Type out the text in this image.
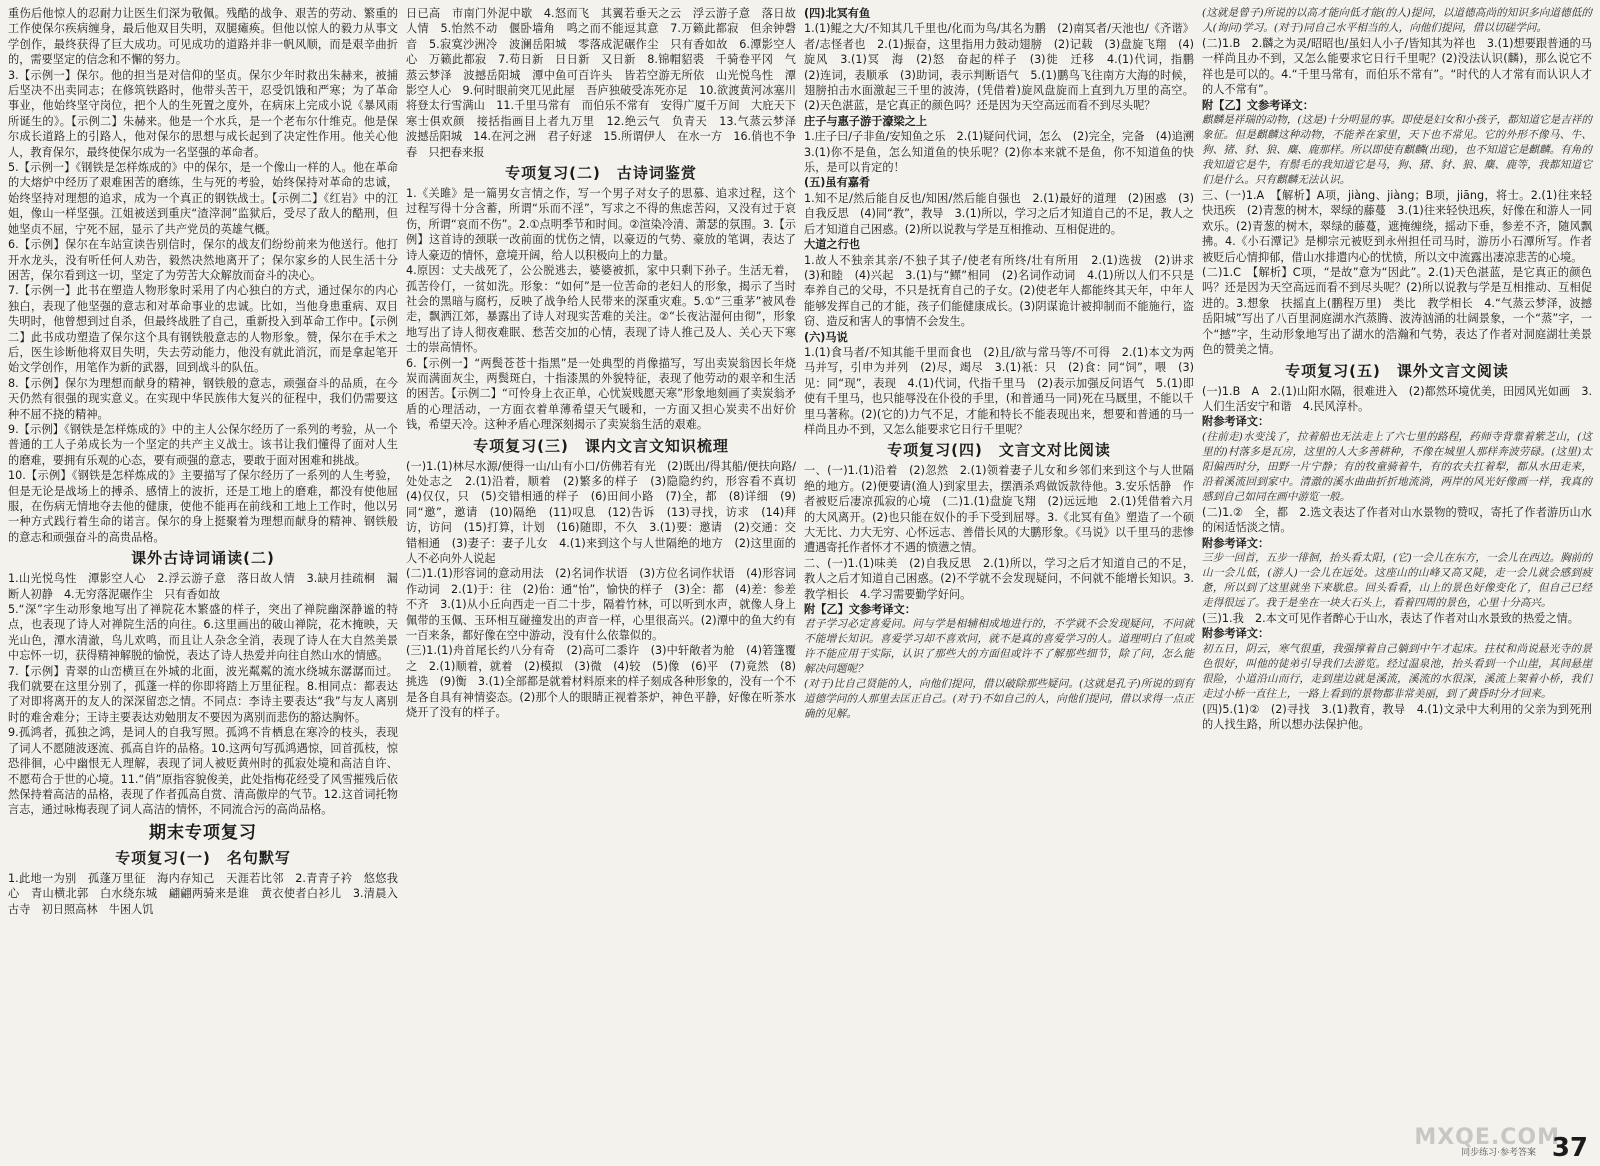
重伤后他惊人的忍耐力让医生们深为敬佩。残酷的战争、艰苦的劳动、繁重的工作使保尔疾病缠身，最后他双目失明，双腿瘫痪。但他以惊人的毅力从事文学创作，最终获得了巨大成功。可见成功的道路并非一帆风顺，而是艰辛曲折的，需要坚定的信念和不懈的努力。

3.【示例一】保尔。他的担当是对信仰的坚贞。保尔少年时救出朱赫来，被捕后坚决不出卖同志；在修筑铁路时，他带头苦干，忍受饥饿和严寒；为了革命事业，他始终坚守岗位，把个人的生死置之度外，在病床上完成小说《暴风雨所诞生的》。【示例二】朱赫来。他是一个水兵，是一个老布尔什维克。他是保尔成长道路上的引路人，他对保尔的思想与成长起到了决定性作用。他关心他人，教育保尔，最终使保尔成为一名坚强的革命者。

5.【示例一】《钢铁是怎样炼成的》中的保尔，是一个像山一样的人。他在革命的大熔炉中经历了艰难困苦的磨练，生与死的考验，始终保持对革命的忠诚，始终坚持对理想的追求，成为一个真正的钢铁战士。【示例二】《红岩》中的江姐，像山一样坚强。江姐被送到重庆“渣滓洞”监狱后，受尽了敌人的酷刑，但她坚贞不屈，宁死不屈，显示了共产党员的英雄气概。

6.【示例】保尔在车站宣读告别信时，保尔的战友们纷纷前来为他送行。他打开水龙头，没有听任何人劝告，毅然决然地离开了；保尔家乡的人民生活十分困苦，保尔看到这一切，坚定了为劳苦大众解放而奋斗的决心。

7.【示例一】此书在塑造人物形象时采用了内心独白的方式，通过保尔的内心独白，表现了他坚强的意志和对革命事业的忠诚。比如，当他身患重病、双目失明时，他曾想到过自杀，但最终战胜了自己，重新投入到革命工作中。【示例二】此书成功塑造了保尔这个具有钢铁般意志的人物形象。赞，保尔在手术之后，医生诊断他将双目失明，失去劳动能力，他没有就此消沉，而是拿起笔开始文学创作，用笔作为新的武器，回到战斗的队伍。

8.【示例】保尔为理想而献身的精神，钢铁般的意志，顽强奋斗的品质，在今天仍然有很强的现实意义。在实现中华民族伟大复兴的征程中，我们仍需要这种不屈不挠的精神。

9.【示例】《钢铁是怎样炼成的》中的主人公保尔经历了一系列的考验，从一个普通的工人子弟成长为一个坚定的共产主义战士。该书让我们懂得了面对人生的磨难，要拥有乐观的心态，要有顽强的意志，要敢于面对困难和挑战。

10.【示例】《钢铁是怎样炼成的》主要描写了保尔经历了一系列的人生考验，但是无论是战场上的搏杀、感情上的波折，还是工地上的磨难，都没有使他屈服，在伤病无情地夺去他的健康，使他不能再在前线和工地上工作时，他以另一种方式践行着生命的诺言。保尔的身上挺聚着为理想而献身的精神、钢铁般的意志和顽强奋斗的高贵品格。

课外古诗词诵读(二)

1.山光悦鸟性　潭影空人心　2.浮云游子意　落日故人情　3.缺月挂疏桐　漏断人初静　4.无穷落泥碾作尘　只有香如故

5.“深”字生动形象地写出了禅院花木繁盛的样子，突出了禅院幽深静谧的特点，也表现了诗人对禅院生活的向往。6.这里画出的破山禅院，花木掩映，天光山色，潭水清澈，鸟儿欢鸣，而且让人杂念全消，表现了诗人在大自然美景中忘怀一切，获得精神解脱的愉悦，表达了诗人热爱并向往自然山水的情感。

7.【示例】青翠的山峦横亘在外城的北面，波光粼粼的流水绕城东潺潺而过。我们就要在这里分别了，孤蓬一样的你即将踏上万里征程。8.相同点：都表达了对即将离开的友人的深深留恋之情。不同点：李诗主要表达“我”与友人离别时的难舍难分；王诗主要表达劝勉朋友不要因为离别而悲伤的豁达胸怀。

9.孤鸿者，孤独之鸿，是词人的自我写照。孤鸿不肯栖息在寒冷的枝头，表现了词人不愿随波逐流、孤高自许的品格。10.这两句写孤鸿遇惊，回首孤枝，惊恐徘徊，心中幽恨无人理解，表现了词人被贬黄州时的孤寂处境和高洁自许、不愿苟合于世的心境。11.“俏”原指容貌俊美，此处指梅花经受了风雪摧残后依然保持着高洁的品格，表现了作者孤高自赏、清高傲岸的气节。12.这首词托物言志，通过咏梅表现了词人高洁的情怀，不同流合污的高尚品格。

期末专项复习
专项复习(一)　名句默写

1.此地一为别　孤蓬万里征　海内存知己　天涯若比邻　2.青青子衿　悠悠我心　青山横北郭　白水绕东城　翩翩两骑来是谁　黄衣使者白衫儿　3.清晨入古寺　初日照高林　牛困人饥

日已高　市南门外泥中歇　4.怒而飞　其翼若垂天之云　浮云游子意　落日故人情　5.怡然不动　偃卧墙角　鸣之而不能逗其意　7.万籁此都寂　但余钟磬音　5.寂寞沙洲冷　波澜岳阳城　零落成泥碾作尘　只有香如故　6.潭影空人心　万籁此都寂　7.苟日新　日日新　又日新　8.锦帽貂裘　千骑卷平冈　气蒸云梦泽　波撼岳阳城　潭中鱼可百许头　皆若空游无所依　山光悦鸟性　潭影空人心　9.何时眼前突兀见此屋　吾庐独破受冻死亦足　10.欲渡黄河冰塞川　将登太行雪满山　11.千里马常有　而伯乐不常有　安得广厦千万间　大庇天下寒士俱欢颜　接括指画目上者九万里　12.绝云气　负青天　13.气蒸云梦泽　波撼岳阳城　14.在河之洲　君子好逑　15.所谓伊人　在水一方　16.俏也不争春　只把春来报

专项复习(二)　古诗词鉴赏

1.《关雎》是一篇男女言情之作，写一个男子对女子的思慕、追求过程，这个过程写得十分含蓄，所谓“乐而不淫”，写求之不得的焦虑苦闷，又没有过于哀伤，所谓“哀而不伤”。2.①点明季节和时间。②渲染冷清、萧瑟的氛围。3.【示例】这首诗的颈联一改前面的忧伤之情，以豪迈的气势、豪放的笔调，表达了诗人豪迈的情怀，意境开阔，给人以积极向上的力量。

4.原因：丈夫战死了，公公脱逃去，婆婆被抓，家中只剩下孙子。生活无着，孤苦伶仃，一贫如洗。形象：“如何”是一位苦命的老妇人的形象，揭示了当时社会的黑暗与腐朽，反映了战争给人民带来的深重灾难。5.①“三重茅”被风卷走，飘洒江郊，暴露出了诗人对现实苦难的关注。②“长夜沾湿何由彻”，形象地写出了诗人彻夜难眠、愁苦交加的心情，表现了诗人推己及人、关心天下寒士的崇高情怀。

6.【示例一】“两鬓苍苍十指黑”是一处典型的肖像描写，写出卖炭翁因长年烧炭而满面灰尘，两鬓斑白，十指漆黑的外貌特征，表现了他劳动的艰辛和生活的困苦。【示例二】“可怜身上衣正单，心忧炭贱愿天寒”形象地刻画了卖炭翁矛盾的心理活动，一方面衣着单薄希望天气暖和，一方面又担心炭卖不出好价钱，希望天冷。这种矛盾心理深刻揭示了卖炭翁生活的艰难。

专项复习(三)　课内文言文知识梳理

(一)1.(1)林尽水源/便得一山/山有小口/仿佛若有光　(2)既出/得其船/便扶向路/处处志之　2.(1)沿着，顺着　(2)繁多的样子　(3)隐隐约约，形容看不真切　(4)仅仅，只　(5)交错相通的样子　(6)田间小路　(7)全，都　(8)详细　(9)同“邀”，邀请　(10)隔绝　(11)叹息　(12)告诉　(13)寻找，访求　(14)拜访，访问　(15)打算，计划　(16)随即，不久　3.(1)要：邀请　(2)交通：交错相通　(3)妻子：妻子儿女　4.(1)来到这个与人世隔绝的地方　(2)这里面的人不必向外人说起

(二)1.(1)形容词的意动用法　(2)名词作状语　(3)方位名词作状语　(4)形容词作动词　2.(1)于：往　(2)佁：通“怡”，愉快的样子　(3)全：都　(4)差：参差不齐　3.(1)从小丘向西走一百二十步，隔着竹林，可以听到水声，就像人身上佩带的玉佩、玉环相互碰撞发出的声音一样，心里很高兴。(2)潭中的鱼大约有一百来条，都好像在空中游动，没有什么依靠似的。

(三)1.(1)舟首尾长约八分有奇　(2)高可二黍许　(3)中轩敞者为舱　(4)箬篷覆之　2.(1)顺着，就着　(2)模拟　(3)微　(4)较　(5)像　(6)平　(7)竟然　(8)挑选　(9)衡　3.(1)全部都是就着材料原来的样子刻成各种形象的，没有一个不是各自具有神情姿态。(2)那个人的眼睛正视着茶炉，神色平静，好像在听茶水烧开了没有的样子。

(四)北冥有鱼

1.(1)鲲之大/不知其几千里也/化而为鸟/其名为鹏　(2)南冥者/天池也/《齐谐》者/志怪者也　2.(1)振奋，这里指用力鼓动翅膀　(2)记载　(3)盘旋飞翔　(4)旋风　3.(1)冥　海　(2)怒　奋起的样子　(3)徙　迁移　4.(1)代词，指鹏　(2)连词，表顺承　(3)助词，表示判断语气　5.(1)鹏鸟飞往南方大海的时候，翅膀拍击水面激起三千里的波涛，(凭借着)旋风盘旋而上直到九万里的高空。(2)天色湛蓝，是它真正的颜色吗？还是因为天空高远而看不到尽头呢？

庄子与惠子游于濠梁之上

1.庄子曰/子非鱼/安知鱼之乐　2.(1)疑问代词，怎么　(2)完全，完备　(4)追溯　3.(1)你不是鱼，怎么知道鱼的快乐呢？(2)你本来就不是鱼，你不知道鱼的快乐，是可以肯定的！

(五)虽有嘉肴

1.知不足/然后能自反也/知困/然后能自强也　2.(1)最好的道理　(2)困惑　(3)自我反思　(4)同“教”，教导　3.(1)所以，学习之后才知道自己的不足，教人之后才知道自己困惑。(2)所以说教与学是互相推动、互相促进的。

大道之行也

1.故人不独亲其亲/不独子其子/使老有所终/壮有所用　2.(1)选拔　(2)讲求　(3)和睦　(4)兴起　3.(1)与“鳏”相同　(2)名词作动词　4.(1)所以人们不只是奉养自己的父母，不只是抚育自己的子女。(2)使老年人都能终其天年，中年人能够发挥自己的才能，孩子们能健康成长。(3)阴谋诡计被抑制而不能施行，盗窃、造反和害人的事情不会发生。

(六)马说

1.(1)食马者/不知其能千里而食也　(2)且/欲与常马等/不可得　2.(1)本文为两马并写，引申为并列　(2)尽，竭尽　3.(1)祇：只　(2)食：同“饲”，喂　(3)见：同“现”，表现　4.(1)代词，代指千里马　(2)表示加强反问语气　5.(1)即使有千里马，也只能辱没在仆役的手里，(和普通马一同)死在马厩里，不能以千里马著称。(2)(它的)力气不足，才能和特长不能表现出来，想要和普通的马一样尚且办不到，又怎么能要求它日行千里呢？

专项复习(四)　文言文对比阅读

一、(一)1.(1)沿着　(2)忽然　2.(1)领着妻子儿女和乡邻们来到这个与人世隔绝的地方。(2)便要请(渔人)到家里去，摆酒杀鸡做饭款待他。3.安乐恬静　作者被贬后凄凉孤寂的心境　(二)1.(1)盘旋飞翔　(2)远远地　2.(1)凭借着六月的大风离开。(2)也只能在奴仆的手下受到屈辱。3.《北冥有鱼》塑造了一个硕大无比、力大无穷、心怀远志、善借长风的大鹏形象。《马说》以千里马的悲惨遭遇寄托作者怀才不遇的愤懑之情。

二、(一)1.(1)味美　(2)自我反思　2.(1)所以，学习之后才知道自己的不足，教人之后才知道自己困惑。(2)不学就不会发现疑问，不问就不能增长知识。3.教学相长　4.学习需要勤学好问。

附【乙】文参考译文：

君子学习必定喜爱问。问与学是相辅相成地进行的，不学就不会发现疑问，不问就不能增长知识。喜爱学习却不喜欢问，就不是真的喜爱学习的人。道理明白了但或许不能应用于实际，认识了那些大的方面但或许不了解那些细节，除了问，怎么能解决问题呢？

(对于)比自己贤能的人，向他们提问，借以破除那些疑问。(这就是孔子)所说的到有道德学问的人那里去匡正自己。(对于)不如自己的人，向他们提问，借以求得一点正确的见解。

(这就是曾子)所说的以高才能向低才能(的人)提问，以道德高尚的知识多向道德低的人(询问)学习。(对于)同自己水平相当的人，向他们提问，借以切磋学问。

(二)1.B　2.麟之为灵/昭昭也/虽妇人小子/皆知其为祥也　3.(1)想要跟普通的马一样尚且办不到，又怎么能要求它日行千里呢？(2)没法认识(麟)，那么说它不祥也是可以的。4.“千里马常有，而伯乐不常有”。“时代的人才常有而认识人才的人不常有”。

附【乙】文参考译文：

麒麟是祥瑞的动物，(这是)十分明显的事。即使是妇女和小孩子，都知道它是吉祥的象征。但是麒麟这种动物，不能养在家里，天下也不常见。它的外形不像马、牛、狗、猪、豺、狼、麋、鹿那样。所以即使有麒麟(出现)，也不知道它是麒麟。有角的我知道它是牛，有鬃毛的我知道它是马，狗、猪、豺、狼、麋、鹿等，我都知道它们是什么。只有麒麟无法认识。

三、(一)1.A　【解析】A项，jiàng、jiàng；B项，jiāng，将士。2.(1)往来轻快迅疾　(2)青葱的树木，翠绿的藤蔓　3.(1)往来轻快迅疾，好像在和游人一同欢乐。(2)青葱的树木，翠绿的藤蔓，遮掩缠绕，摇动下垂，参差不齐，随风飘拂。4.《小石潭记》是柳宗元被贬到永州担任司马时，游历小石潭所写。作者被贬后心情抑郁，借山水排遣内心的忧愤，所以文中流露出凄凉悲苦的心境。

(二)1.C　【解析】C项，“是故”意为“因此”。2.(1)天色湛蓝，是它真正的颜色吗？还是因为天空高远而看不到尽头呢？(2)所以说教与学是互相推动、互相促进的。3.想象　扶摇直上(鹏程万里)　类比　教学相长　4.“气蒸云梦泽，波撼岳阳城”写出了八百里洞庭湖水汽蒸腾、波涛汹涌的壮阔景象，一个“蒸”字，一个“撼”字，生动形象地写出了湖水的浩瀚和气势，表达了作者对洞庭湖壮美景色的赞美之情。

专项复习(五)　课外文言文阅读

(一)1.B　A　2.(1)山阳水隔，很难进入　(2)都然环境优美，田园风光如画　3.人们生活安宁和谐　4.民风淳朴。

附参考译文：

(往前走)水变浅了，拉着船也无法走上了六七里的路程，药师寺背靠着紫芝山，(这里的)村落多是瓦房，这里的人大多善耕种，不像在城里人那样奔波劳碌。(这里)太阳偏西时分，田野一片宁静；有的牧童骑着牛，有的农夫扛着犁，都从水田走来，沿着溪流回到家中。清澈的溪水曲曲折折地流淌，两岸的风光好像画一样，我真的感到自己如同在画中游览一般。

(二)1.②　全，都　2.选文表达了作者对山水景物的赞叹，寄托了作者游历山水的闲适恬淡之情。

附参考译文：

三步一回首，五步一徘徊，抬头看太阳，(它)一会儿在东方，一会儿在西边。胸前的山一会儿低，(游人)一会儿在远处。这座山的山峰又高又陡，走一会儿就会感到疲惫，所以到了这里就坐下来歇息。回头看看，山上的景色好像变化了，但自己已经走得很远了。我于是坐在一块大石头上，看着四周的景色，心里十分高兴。

(三)1.我　2.本文可见作者醉心于山水，表达了作者对山水景致的热爱之情。

附参考译文：

初五日，阴云，寒气很重，我强撑着自己躺到中午才起床。拄杖和尚说悬光寺的景色很好，叫他的徒弟引导我们去游览。经过温泉池，抬头看到一个山崖，其间悬崖很险，小道沿山而行，走到崖边就是溪流，溪流的水很深，溪流上架着小桥，我们走过小桥一直往上，一路上看到的景物都非常美丽，到了黄昏时分才回来。

(四)5.(1)②　(2)寻找　3.(1)教育，教导　4.(1)文录中大利用的父亲为到死刑的人找生路，所以想办法保护他。

MXQE.COM
同步练习·参考答案 37
